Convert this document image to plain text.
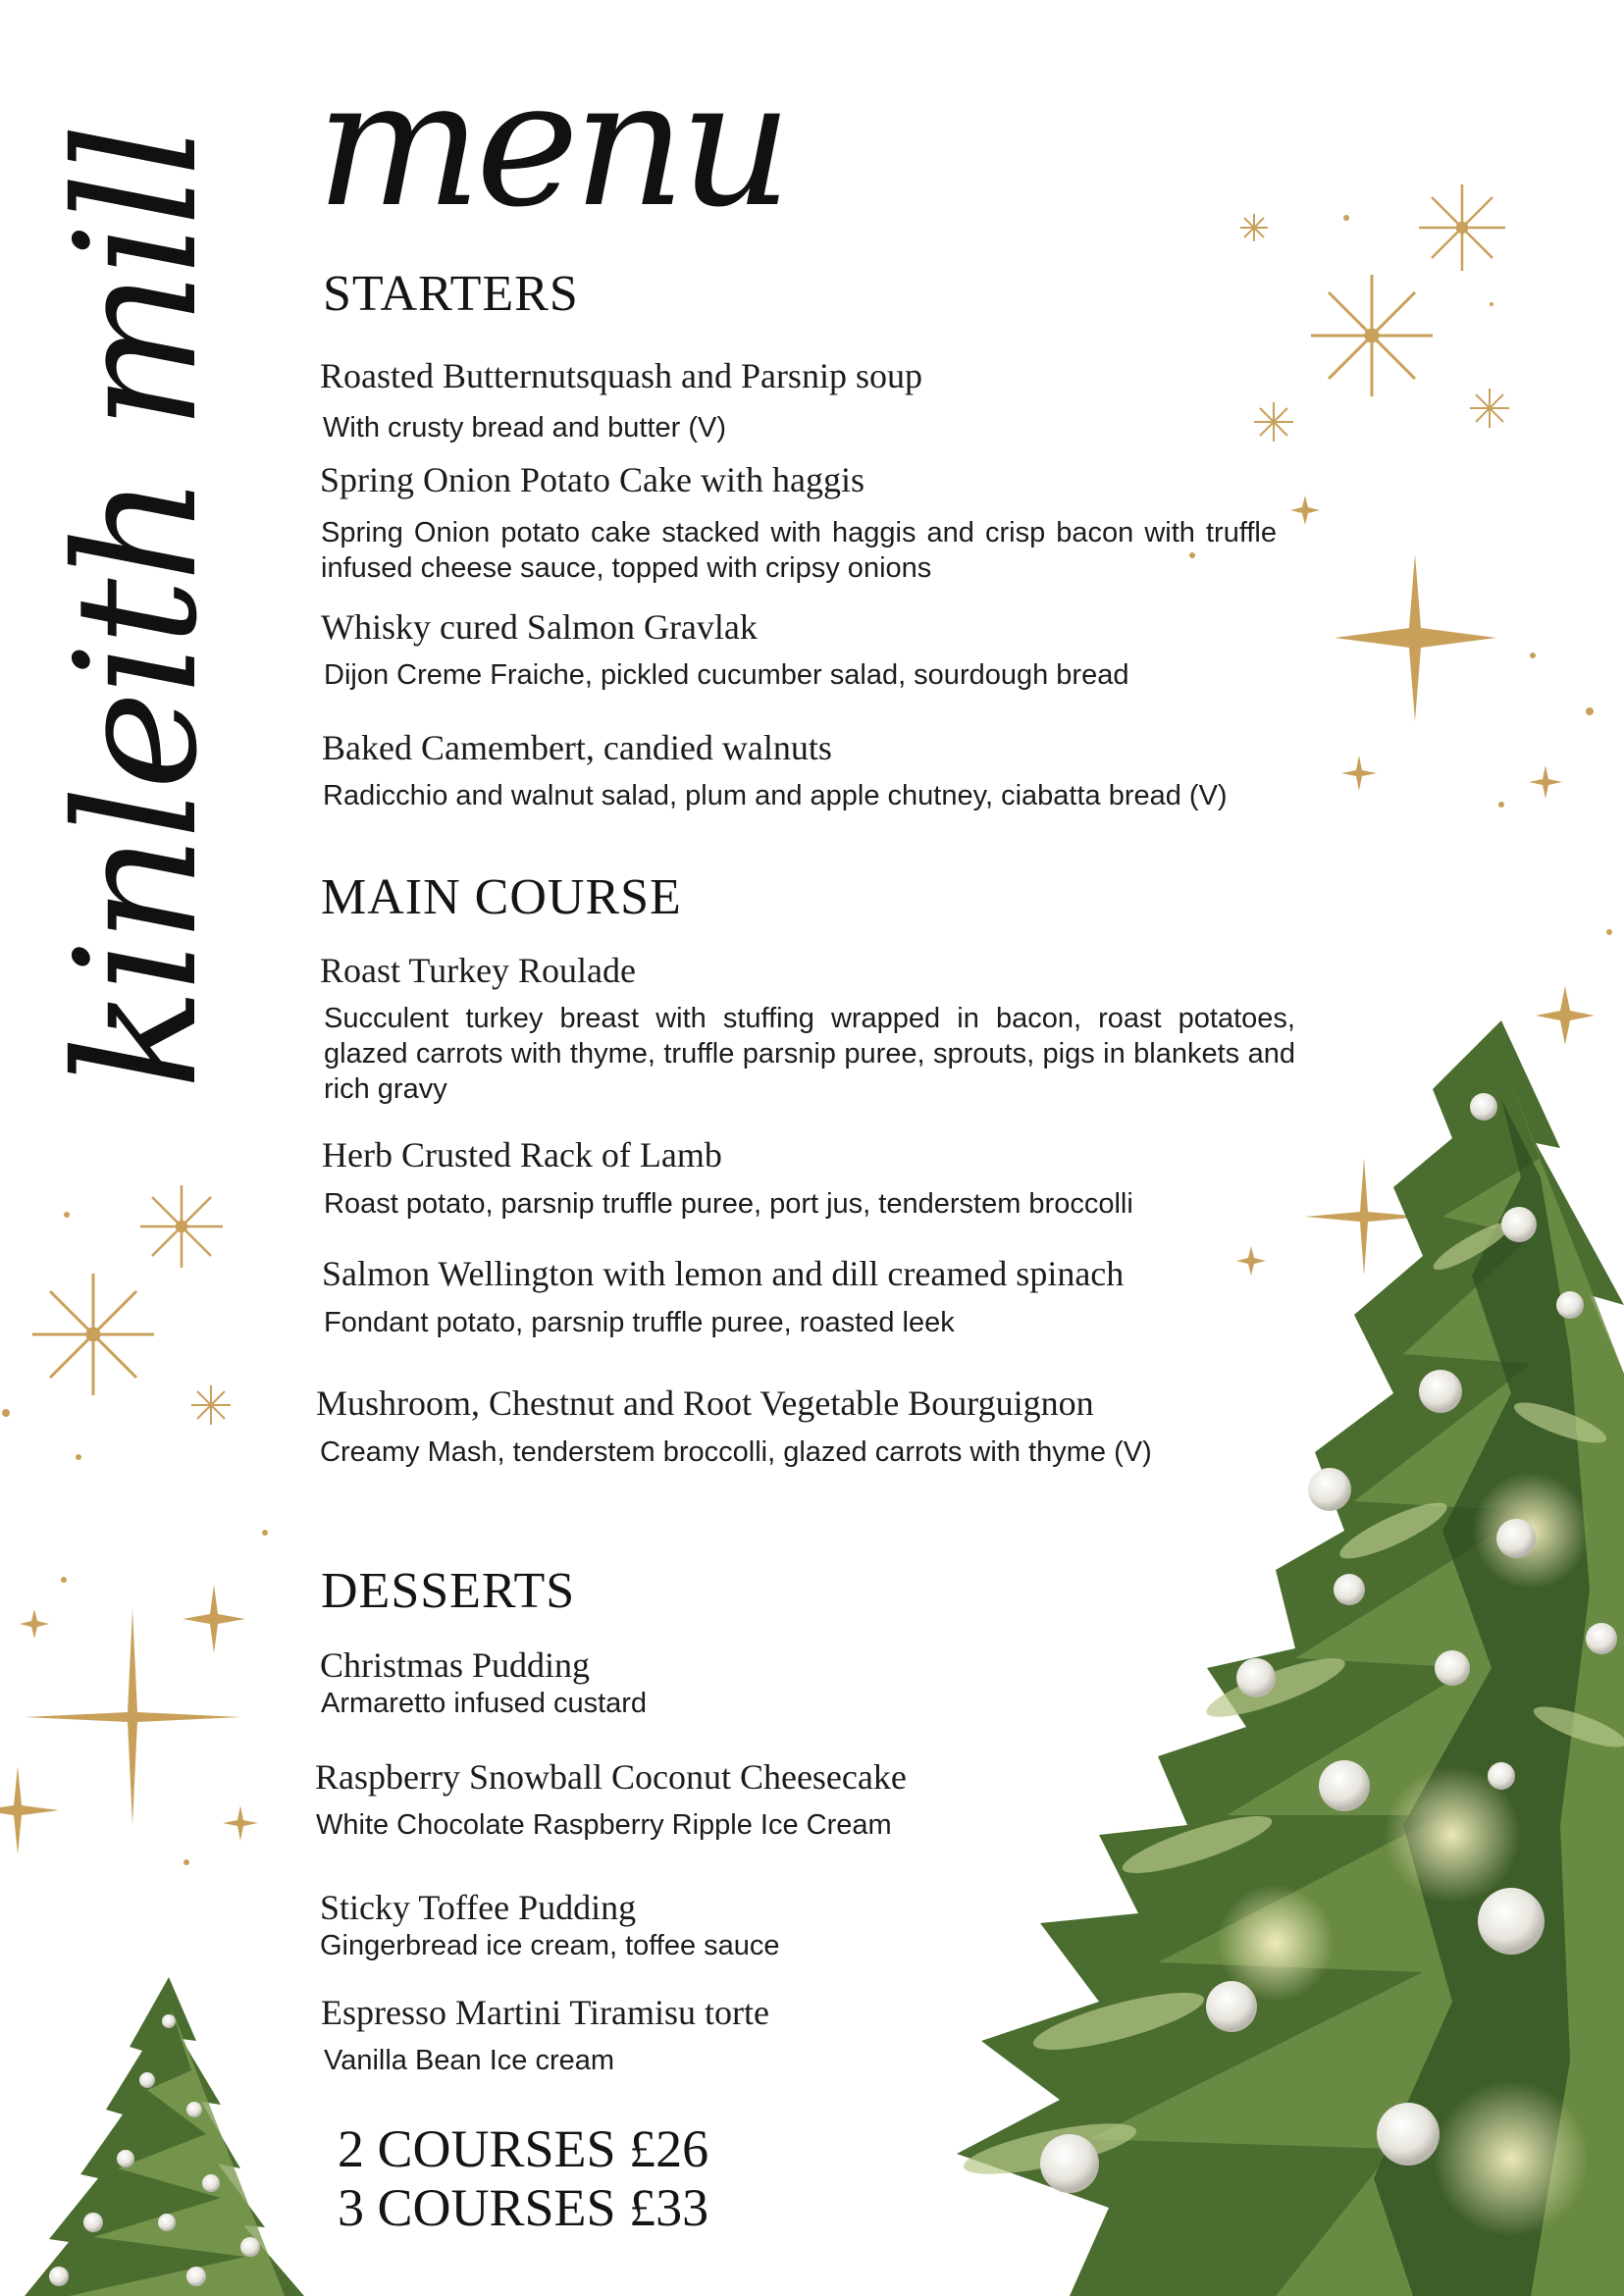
kinleith mill menu
STARTERS
Roasted Butternutsquash and Parsnip soup
With crusty bread and butter (V)
Spring Onion Potato Cake with haggis
Spring Onion potato cake stacked with haggis and crisp bacon with truffle infused cheese sauce, topped with cripsy onions
Whisky cured Salmon Gravlak
Dijon Creme Fraiche, pickled cucumber salad, sourdough bread
Baked Camembert, candied walnuts
Radicchio and walnut salad, plum and apple chutney, ciabatta bread (V)
MAIN COURSE
Roast Turkey Roulade
Succulent turkey breast with stuffing wrapped in bacon, roast potatoes, glazed carrots with thyme, truffle parsnip puree, sprouts, pigs in blankets and rich gravy
Herb Crusted Rack of Lamb
Roast potato, parsnip truffle puree, port jus, tenderstem broccolli
Salmon Wellington with lemon and dill creamed spinach
Fondant potato, parsnip truffle puree, roasted leek
Mushroom, Chestnut and Root Vegetable Bourguignon
Creamy Mash, tenderstem broccolli, glazed carrots with thyme (V)
DESSERTS
Christmas Pudding
Armaretto infused custard
Raspberry Snowball Coconut Cheesecake
White Chocolate Raspberry Ripple Ice Cream
Sticky Toffee Pudding
Gingerbread ice cream, toffee sauce
Espresso Martini Tiramisu torte
Vanilla Bean Ice cream
2 COURSES £26
3 COURSES £33
